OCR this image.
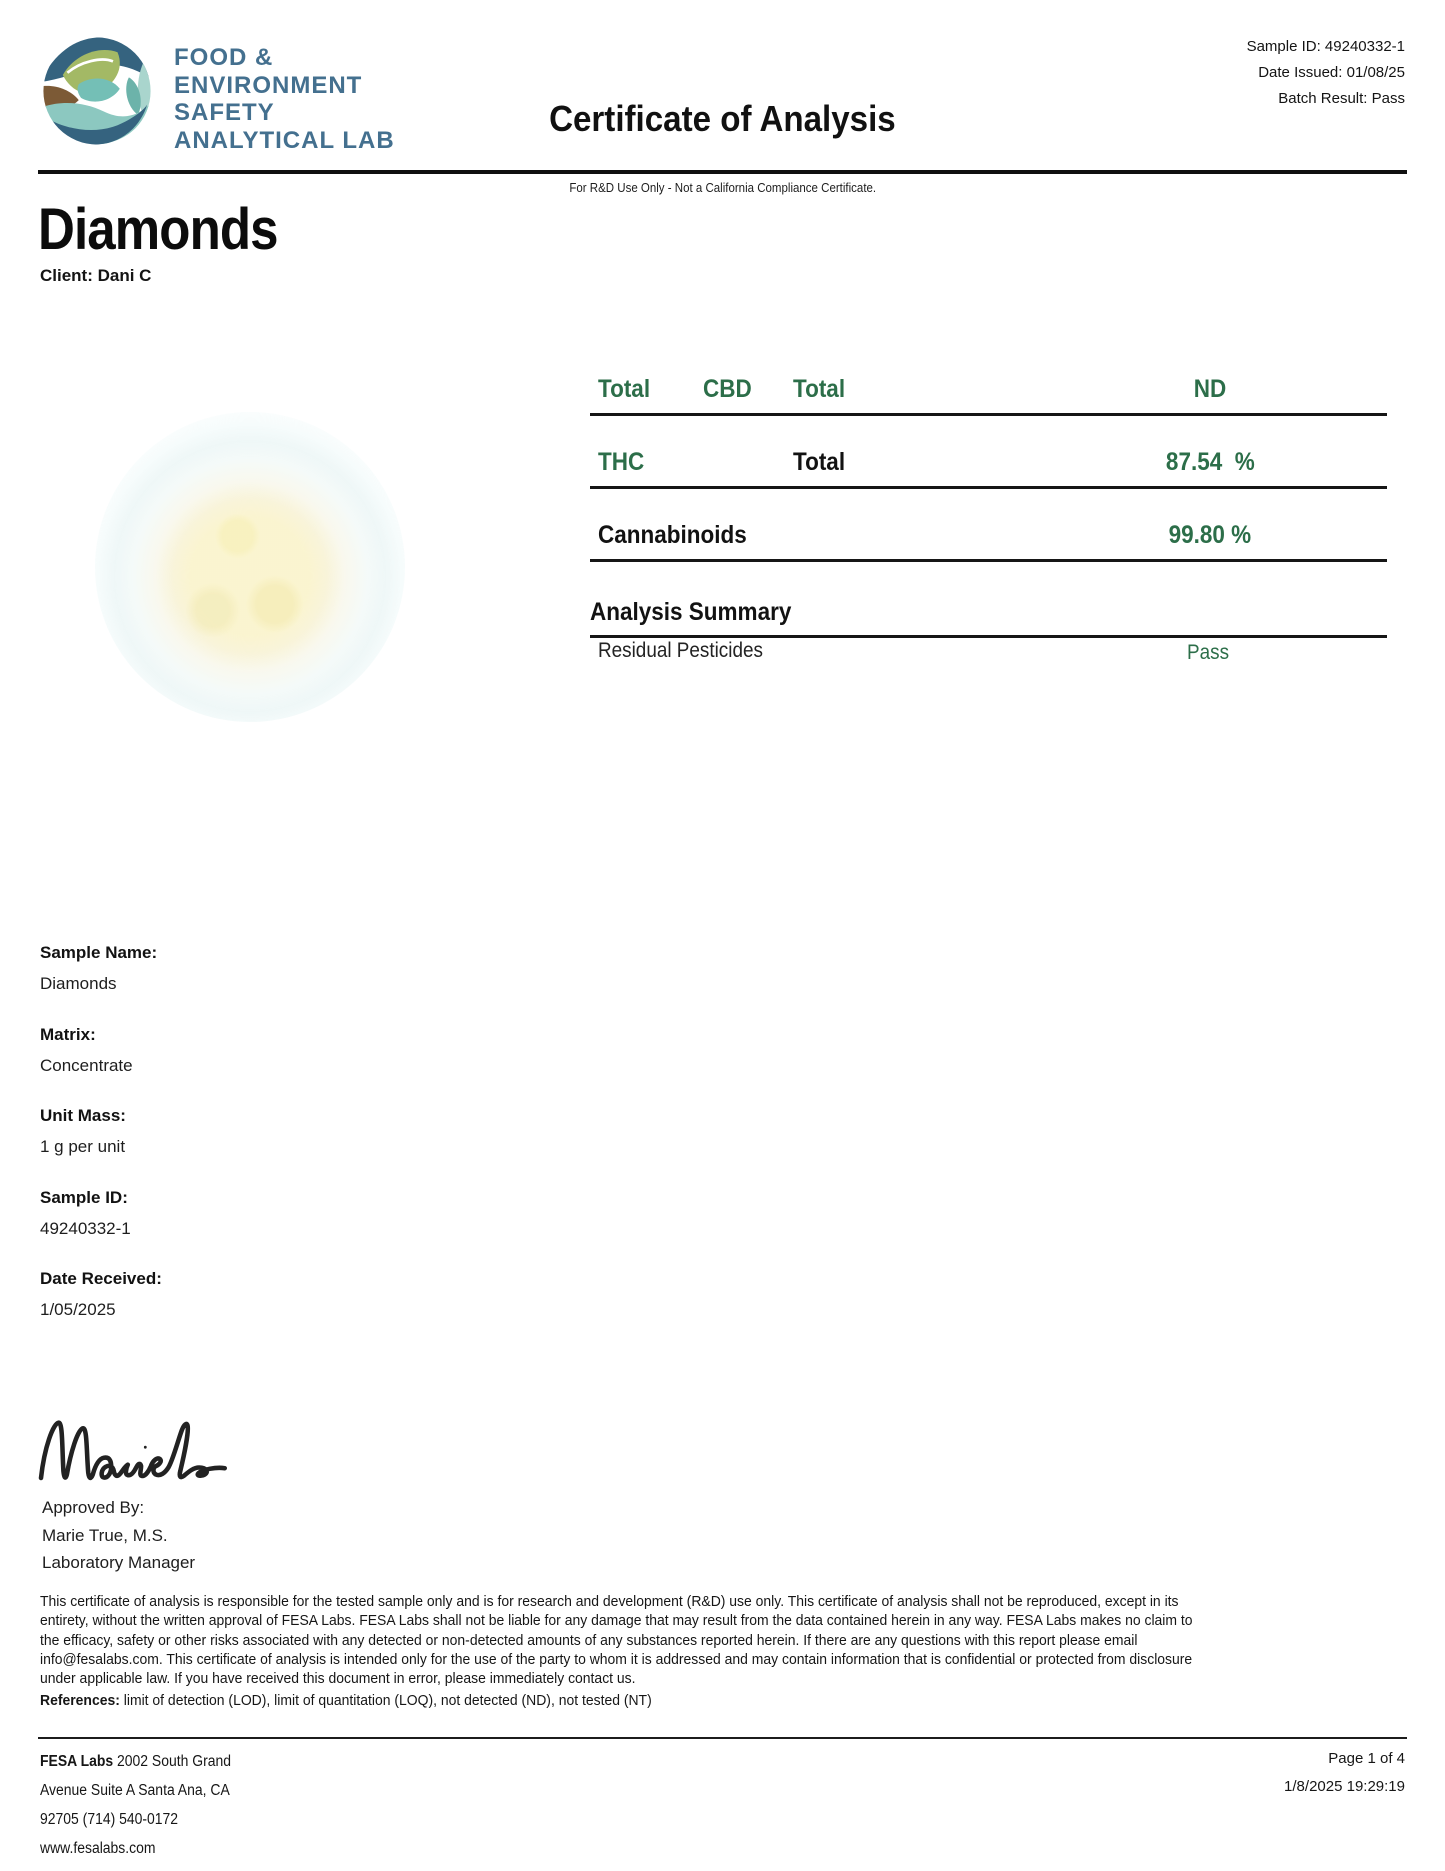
FOOD &
ENVIRONMENT
SAFETY
ANALYTICAL LAB
Sample ID: 49240332-1
Date Issued: 01/08/25
Batch Result: Pass
Certificate of Analysis
For R&D Use Only - Not a California Compliance Certificate.
Diamonds
Client: Dani C
Total CBD Total	ND
THC	Total	87.54  %
Cannabinoids	99.80 %
Analysis Summary
Residual Pesticides	Pass
Sample Name:
Diamonds
Matrix:
Concentrate
Unit Mass:
1 g per unit
Sample ID:
49240332-1
Date Received:
1/05/2025
Approved By:
Marie True, M.S.
Laboratory Manager
This certificate of analysis is responsible for the tested sample only and is for research and development (R&D) use only. This certificate of analysis shall not be reproduced, except in its entirety, without the written approval of FESA Labs. FESA Labs shall not be liable for any damage that may result from the data contained herein in any way. FESA Labs makes no claim to the efficacy, safety or other risks associated with any detected or non-detected amounts of any substances reported herein. If there are any questions with this report please email info@fesalabs.com. This certificate of analysis is intended only for the use of the party to whom it is addressed and may contain information that is confidential or protected from disclosure under applicable law. If you have received this document in error, please immediately contact us.
References: limit of detection (LOD), limit of quantitation (LOQ), not detected (ND), not tested (NT)
FESA Labs 2002 South Grand
Avenue Suite A Santa Ana, CA
92705 (714) 540-0172
www.fesalabs.com
Page 1 of 4
1/8/2025 19:29:19
